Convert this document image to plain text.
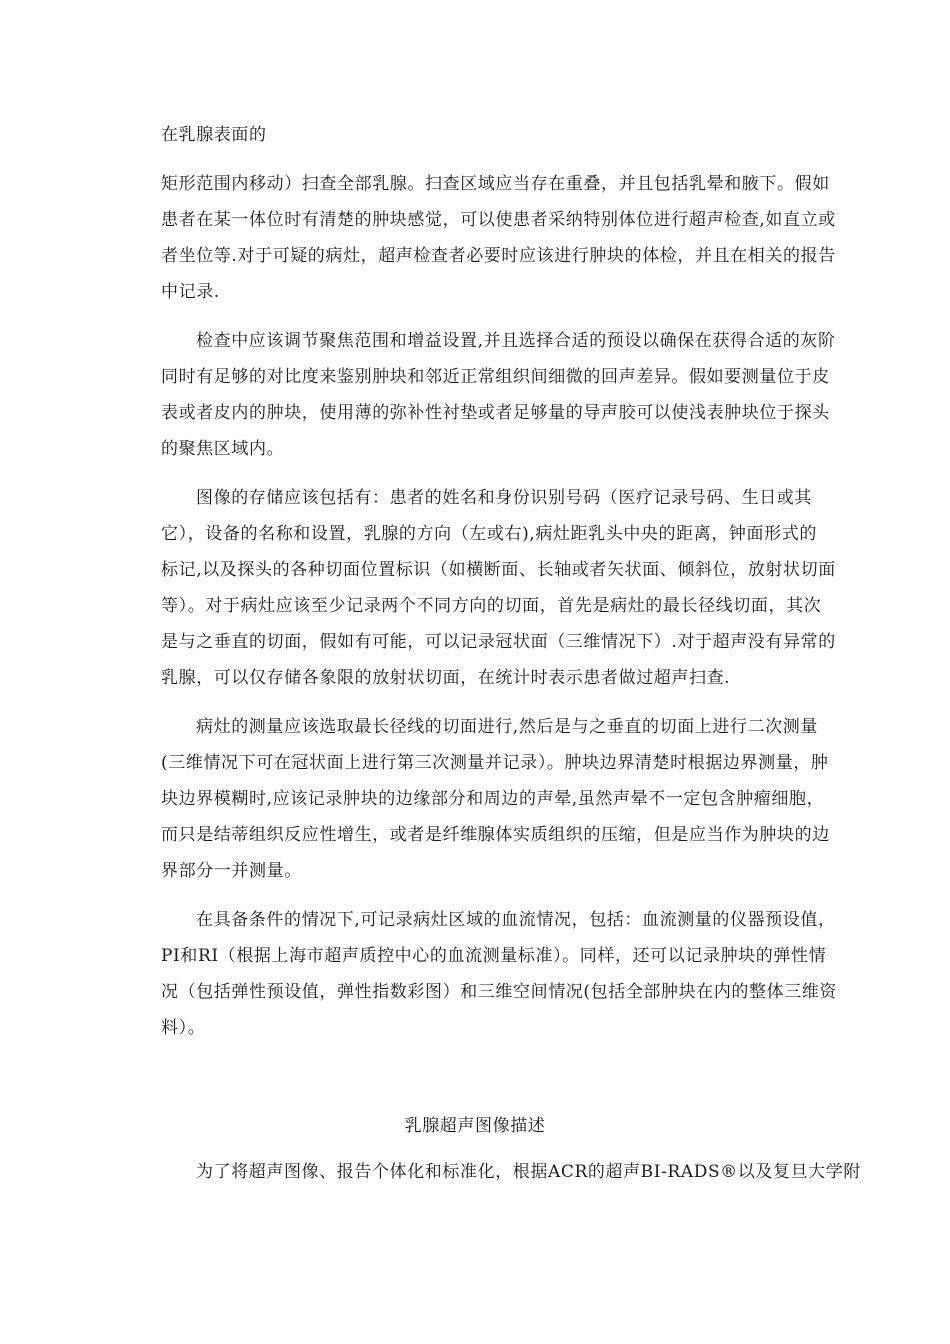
在乳腺表面的
矩形范围内移动）扫查全部乳腺。扫查区域应当存在重叠，并且包括乳晕和腋下。假如
患者在某一体位时有清楚的肿块感觉，可以使患者采纳特别体位进行超声检查,如直立或
者坐位等.对于可疑的病灶，超声检查者必要时应该进行肿块的体检，并且在相关的报告
中记录.
检查中应该调节聚焦范围和增益设置,并且选择合适的预设以确保在获得合适的灰阶
同时有足够的对比度来鉴别肿块和邻近正常组织间细微的回声差异。假如要测量位于皮
表或者皮内的肿块，使用薄的弥补性衬垫或者足够量的导声胶可以使浅表肿块位于探头
的聚焦区域内。
图像的存储应该包括有：患者的姓名和身份识别号码（医疗记录号码、生日或其
它），设备的名称和设置，乳腺的方向（左或右),病灶距乳头中央的距离，钟面形式的
标记,以及探头的各种切面位置标识（如横断面、长轴或者矢状面、倾斜位，放射状切面
等）。对于病灶应该至少记录两个不同方向的切面，首先是病灶的最长径线切面，其次
是与之垂直的切面，假如有可能，可以记录冠状面（三维情况下）.对于超声没有异常的
乳腺，可以仅存储各象限的放射状切面，在统计时表示患者做过超声扫查.
病灶的测量应该选取最长径线的切面进行,然后是与之垂直的切面上进行二次测量
(三维情况下可在冠状面上进行第三次测量并记录）。肿块边界清楚时根据边界测量，肿
块边界模糊时,应该记录肿块的边缘部分和周边的声晕,虽然声晕不一定包含肿瘤细胞，
而只是结蒂组织反应性增生，或者是纤维腺体实质组织的压缩，但是应当作为肿块的边
界部分一并测量。
在具备条件的情况下,可记录病灶区域的血流情况，包括：血流测量的仪器预设值，
PI和RI（根据上海市超声质控中心的血流测量标准）。同样，还可以记录肿块的弹性情
况（包括弹性预设值，弹性指数彩图）和三维空间情况(包括全部肿块在内的整体三维资
料）。
乳腺超声图像描述
为了将超声图像、报告个体化和标准化，根据ACR的超声BI-RADS®以及复旦大学附
